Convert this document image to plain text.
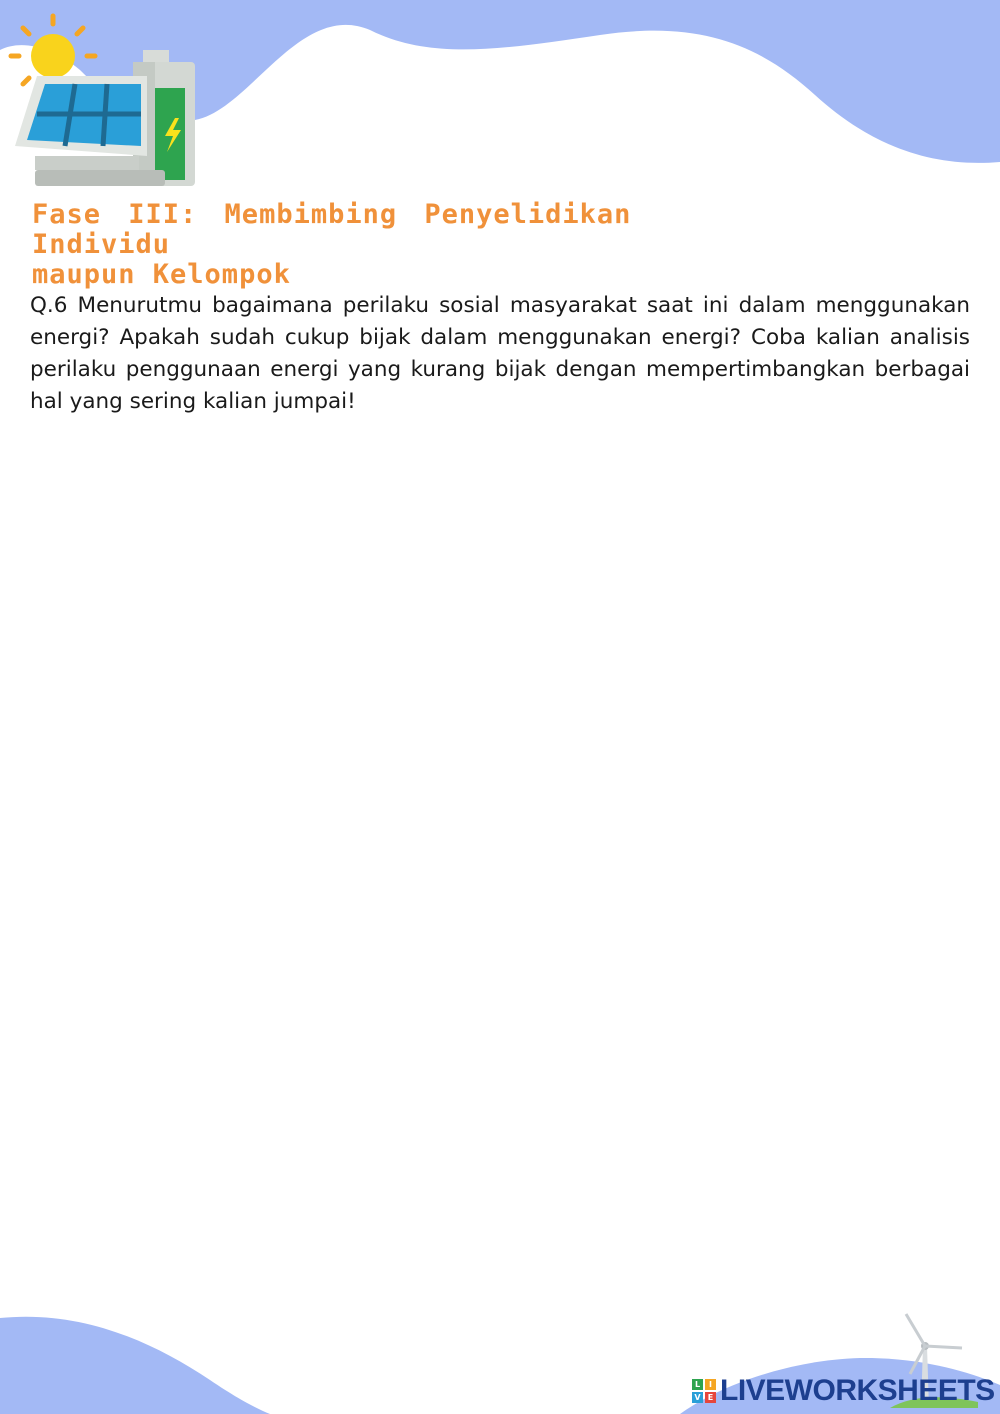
Fase III: Membimbing Penyelidikan Individu
maupun Kelompok

Q.6 Menurutmu bagaimana perilaku sosial masyarakat saat ini dalam menggunakan energi? Apakah sudah cukup bijak dalam menggunakan energi? Coba kalian analisis perilaku penggunaan energi yang kurang bijak dengan mempertimbangkan berbagai hal yang sering kalian jumpai!

L	I
V E LIVEWORKSHEETS
